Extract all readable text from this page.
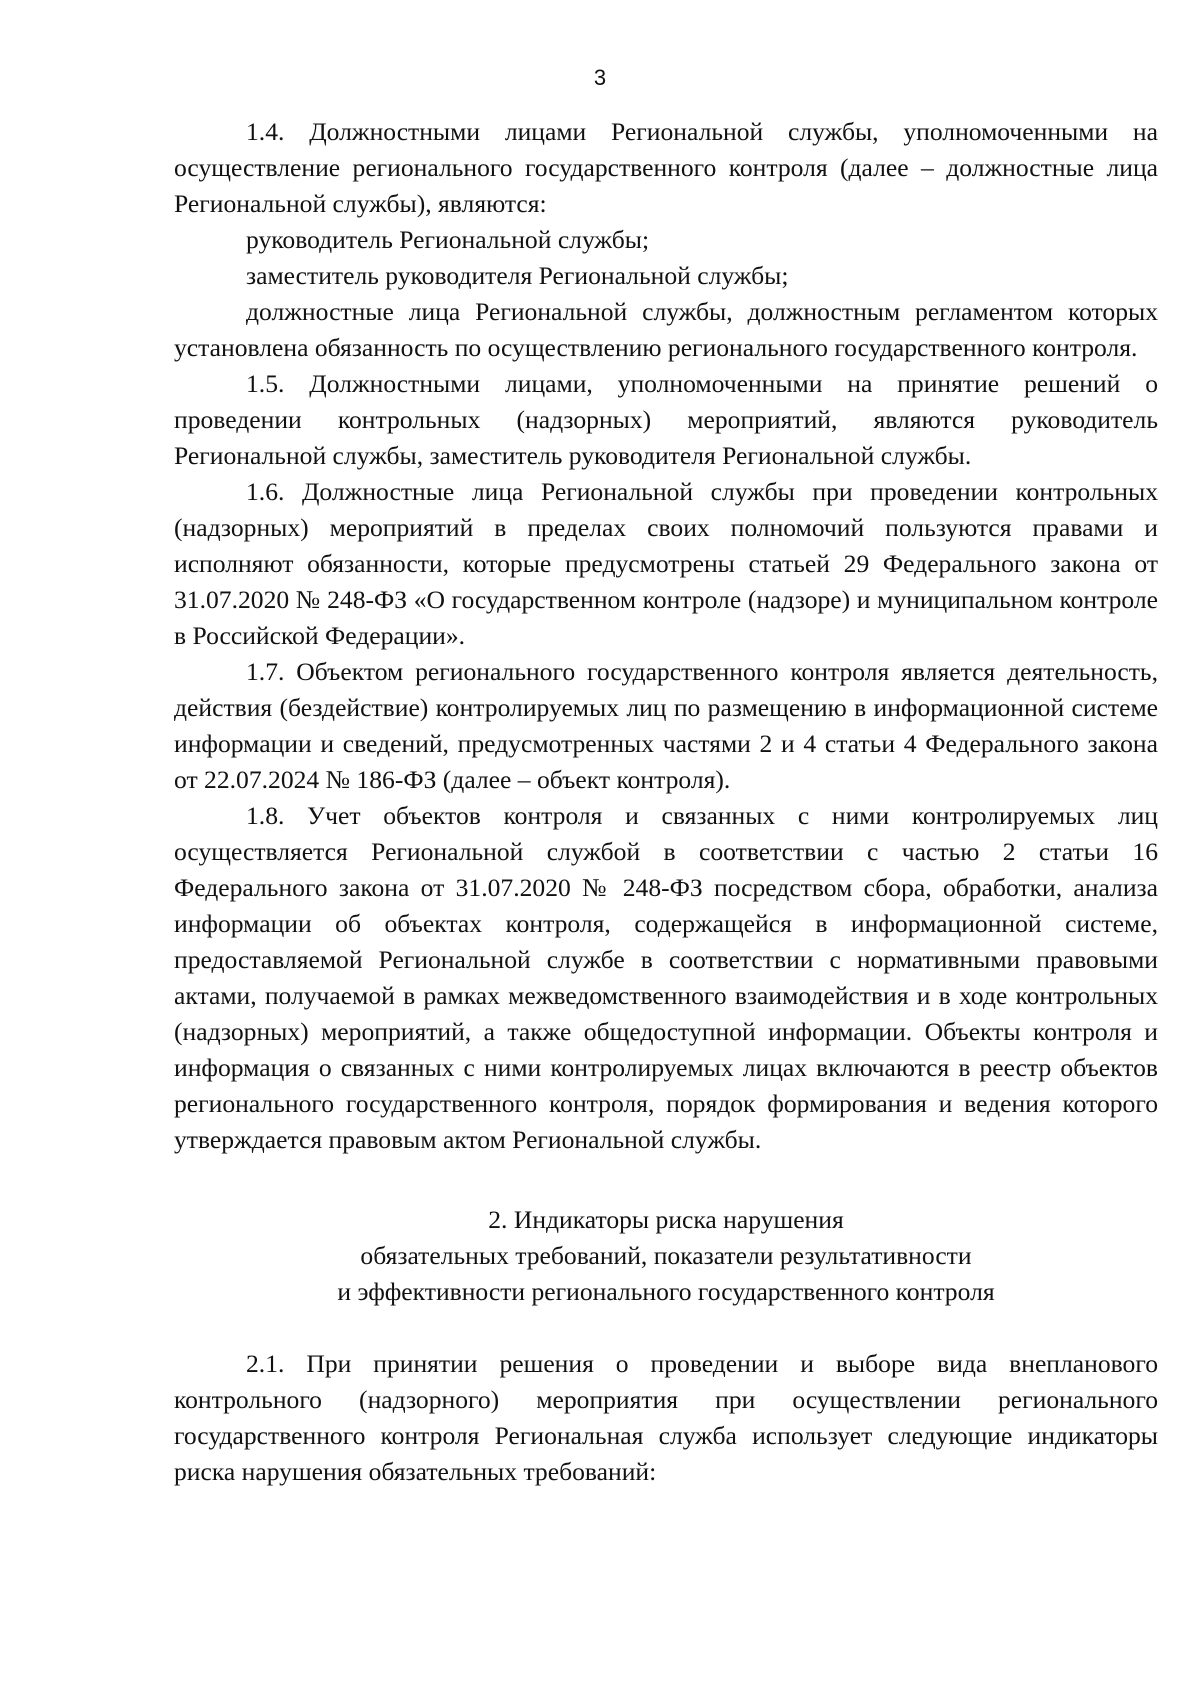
3

1.4. Должностными лицами Региональной службы, уполномоченными на осуществление регионального государственного контроля (далее – должностные лица Региональной службы), являются:

руководитель Региональной службы;

заместитель руководителя Региональной службы;

должностные лица Региональной службы, должностным регламентом которых установлена обязанность по осуществлению регионального государственного контроля.

1.5. Должностными лицами, уполномоченными на принятие решений о проведении контрольных (надзорных) мероприятий, являются руководитель Региональной службы, заместитель руководителя Региональной службы.

1.6. Должностные лица Региональной службы при проведении контрольных (надзорных) мероприятий в пределах своих полномочий пользуются правами и исполняют обязанности, которые предусмотрены статьей 29 Федерального закона от 31.07.2020 № 248-ФЗ «О государственном контроле (надзоре) и муниципальном контроле в Российской Федерации».

1.7. Объектом регионального государственного контроля является деятельность, действия (бездействие) контролируемых лиц по размещению в информационной системе информации и сведений, предусмотренных частями 2 и 4 статьи 4 Федерального закона от 22.07.2024 № 186-ФЗ (далее – объект контроля).

1.8. Учет объектов контроля и связанных с ними контролируемых лиц осуществляется Региональной службой в соответствии с частью 2 статьи 16 Федерального закона от 31.07.2020 № 248-ФЗ посредством сбора, обработки, анализа информации об объектах контроля, содержащейся в информационной системе, предоставляемой Региональной службе в соответствии с нормативными правовыми актами, получаемой в рамках межведомственного взаимодействия и в ходе контрольных (надзорных) мероприятий, а также общедоступной информации. Объекты контроля и информация о связанных с ними контролируемых лицах включаются в реестр объектов регионального государственного контроля, порядок формирования и ведения которого утверждается правовым актом Региональной службы.

2. Индикаторы риска нарушения
обязательных требований, показатели результативности
и эффективности регионального государственного контроля

2.1. При принятии решения о проведении и выборе вида внепланового контрольного (надзорного) мероприятия при осуществлении регионального государственного контроля Региональная служба использует следующие индикаторы риска нарушения обязательных требований:
